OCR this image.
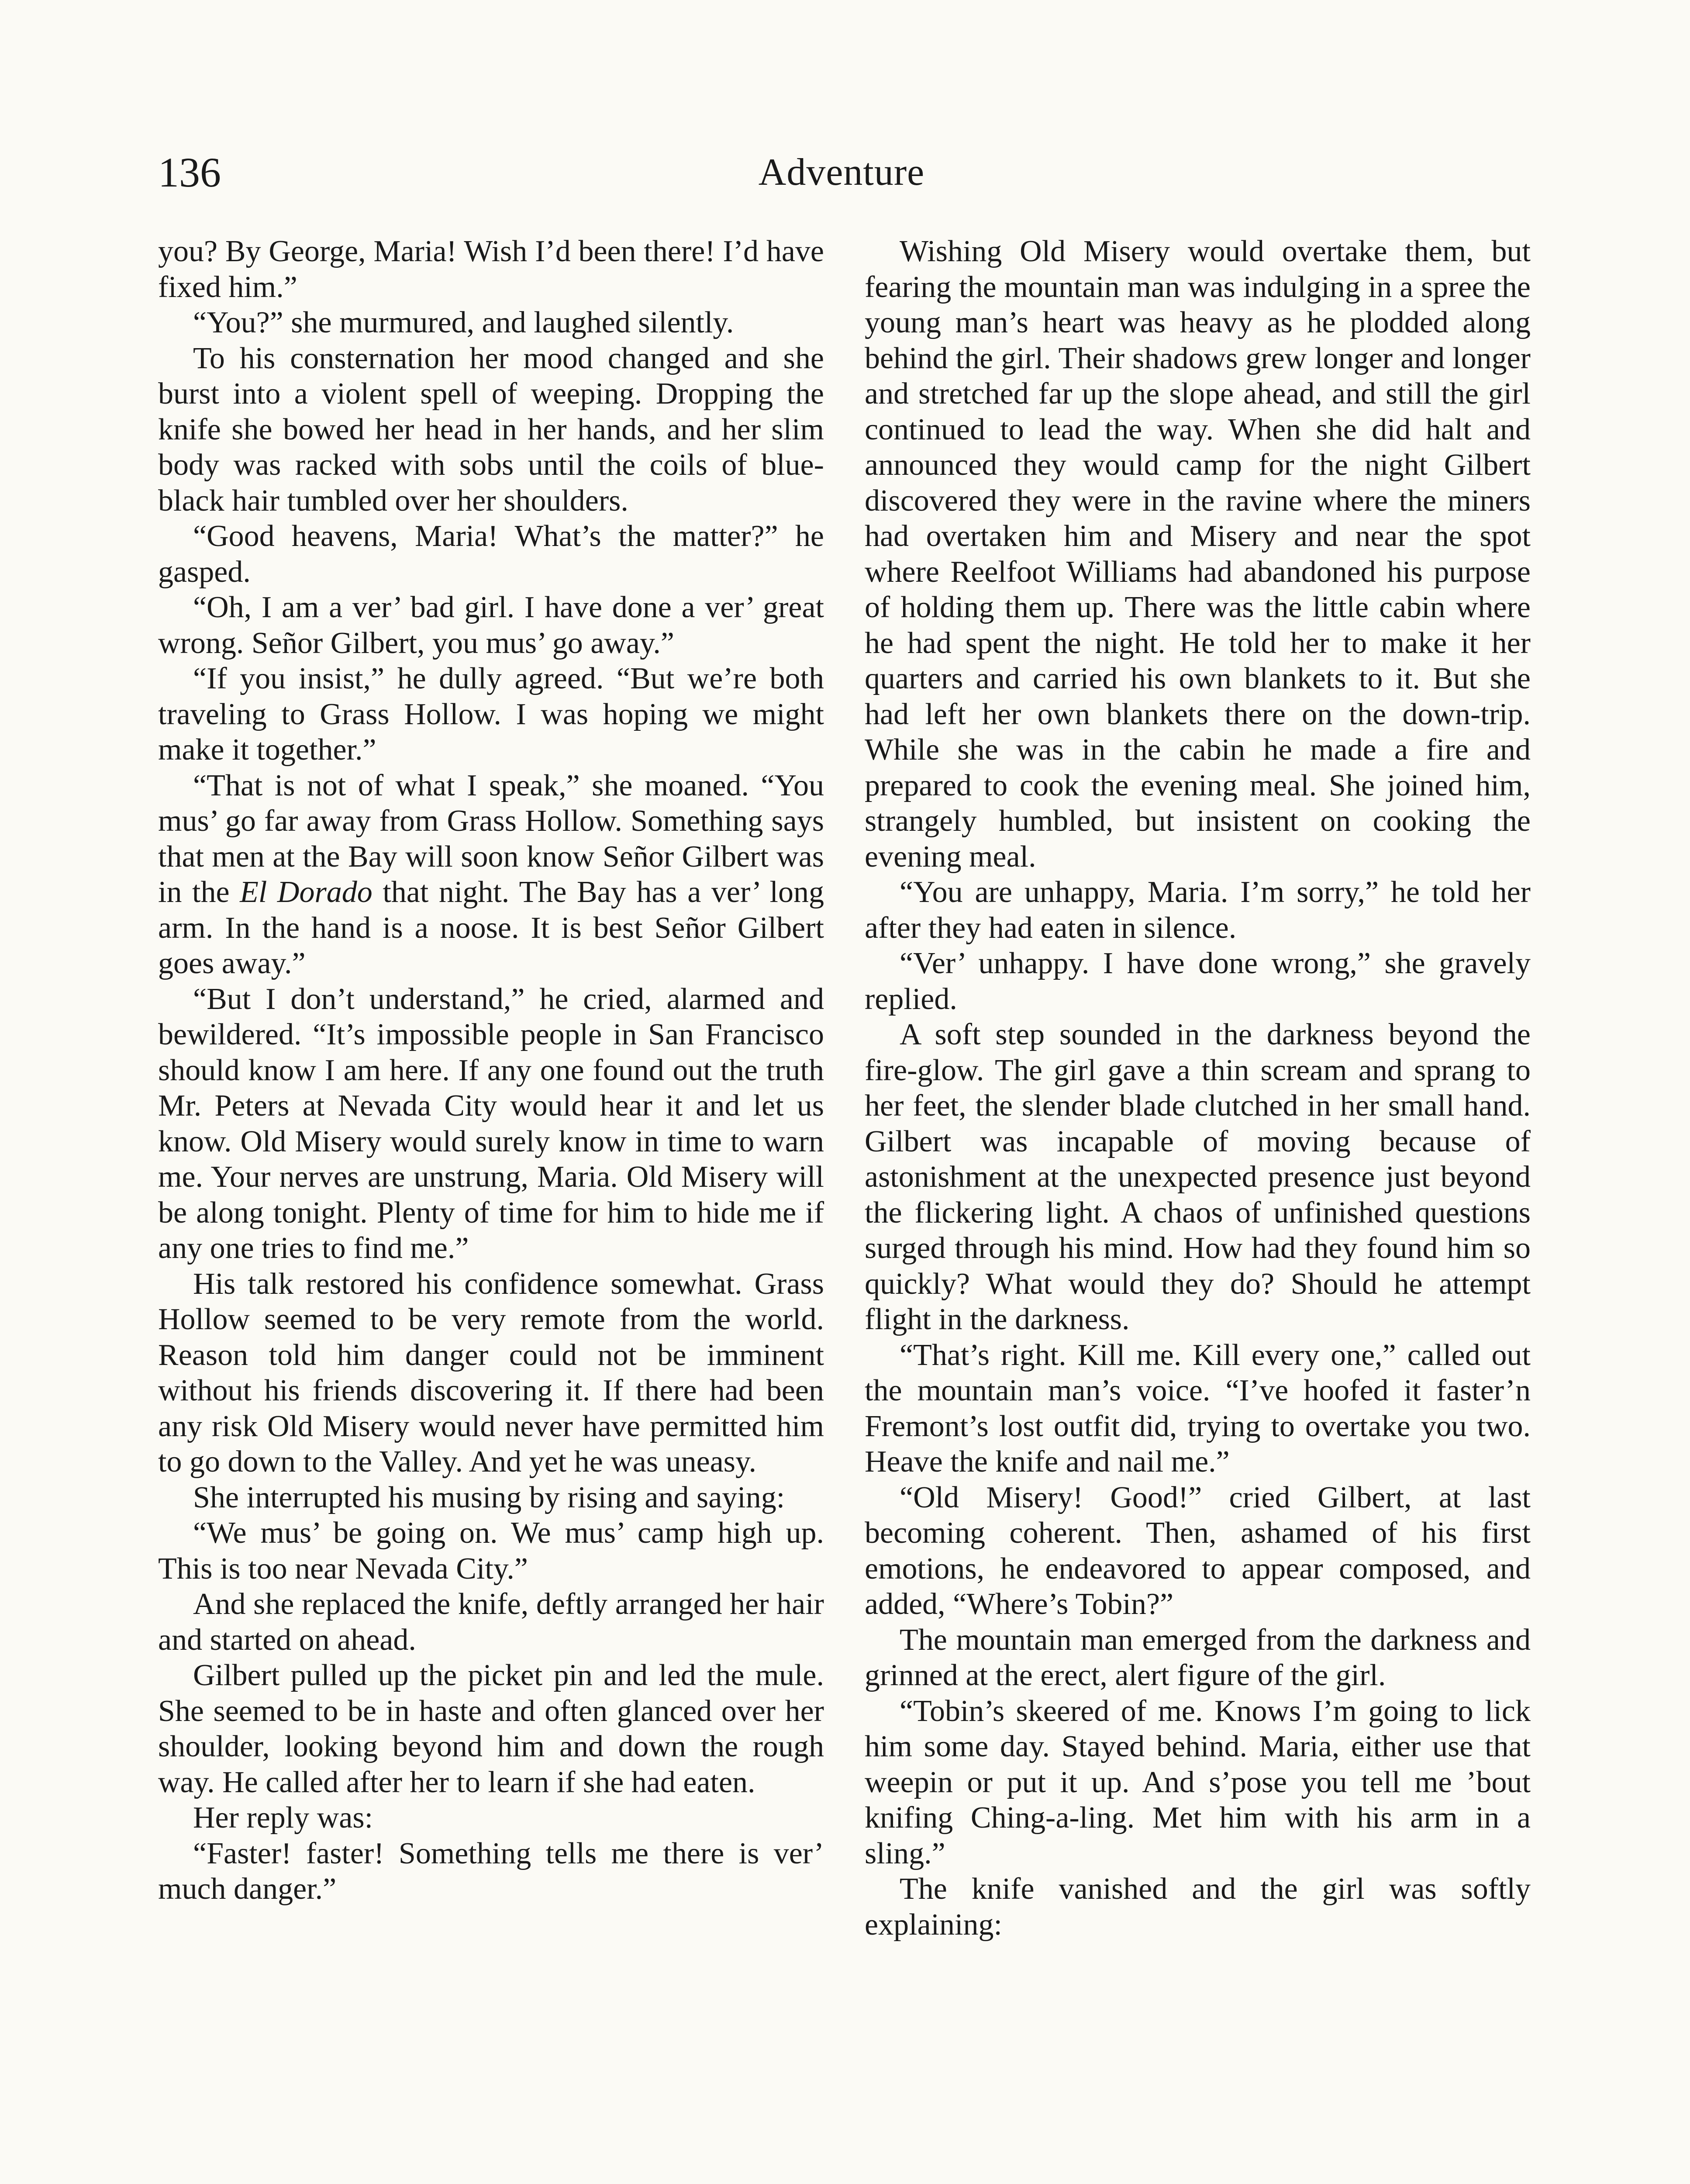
136	Adventure

you? By George, Maria! Wish I’d been there! I’d have fixed him.”

“You?” she murmured, and laughed silently.

To his consternation her mood changed and she burst into a violent spell of weeping. Dropping the knife she bowed her head in her hands, and her slim body was racked with sobs until the coils of blue-black hair tumbled over her shoulders.

“Good heavens, Maria! What’s the matter?” he gasped.

“Oh, I am a ver’ bad girl. I have done a ver’ great wrong. Señor Gilbert, you mus’ go away.”

“If you insist,” he dully agreed. “But we’re both traveling to Grass Hollow. I was hoping we might make it together.”

“That is not of what I speak,” she moaned. “You mus’ go far away from Grass Hollow. Something says that men at the Bay will soon know Señor Gilbert was in the El Dorado that night. The Bay has a ver’ long arm. In the hand is a noose. It is best Señor Gilbert goes away.”

“But I don’t understand,” he cried, alarmed and bewildered. “It’s impossible people in San Francisco should know I am here. If any one found out the truth Mr. Peters at Nevada City would hear it and let us know. Old Misery would surely know in time to warn me. Your nerves are unstrung, Maria. Old Misery will be along tonight. Plenty of time for him to hide me if any one tries to find me.”

His talk restored his confidence somewhat. Grass Hollow seemed to be very remote from the world. Reason told him danger could not be imminent without his friends discovering it. If there had been any risk Old Misery would never have permitted him to go down to the Valley. And yet he was uneasy.

She interrupted his musing by rising and saying:

“We mus’ be going on. We mus’ camp high up. This is too near Nevada City.”

And she replaced the knife, deftly arranged her hair and started on ahead.

Gilbert pulled up the picket pin and led the mule. She seemed to be in haste and often glanced over her shoulder, looking beyond him and down the rough way. He called after her to learn if she had eaten.

Her reply was:

“Faster! faster! Something tells me there is ver’ much danger.”

Wishing Old Misery would overtake them, but fearing the mountain man was indulging in a spree the young man’s heart was heavy as he plodded along behind the girl. Their shadows grew longer and longer and stretched far up the slope ahead, and still the girl continued to lead the way. When she did halt and announced they would camp for the night Gilbert discovered they were in the ravine where the miners had overtaken him and Misery and near the spot where Reelfoot Williams had abandoned his purpose of holding them up. There was the little cabin where he had spent the night. He told her to make it her quarters and carried his own blankets to it. But she had left her own blankets there on the down-trip. While she was in the cabin he made a fire and prepared to cook the evening meal. She joined him, strangely humbled, but insistent on cooking the evening meal.

“You are unhappy, Maria. I’m sorry,” he told her after they had eaten in silence.

“Ver’ unhappy. I have done wrong,” she gravely replied.

A soft step sounded in the darkness beyond the fire-glow. The girl gave a thin scream and sprang to her feet, the slender blade clutched in her small hand. Gilbert was incapable of moving because of astonishment at the unexpected presence just beyond the flickering light. A chaos of unfinished questions surged through his mind. How had they found him so quickly? What would they do? Should he attempt flight in the darkness.

“That’s right. Kill me. Kill every one,” called out the mountain man’s voice. “I’ve hoofed it faster’n Fremont’s lost outfit did, trying to overtake you two. Heave the knife and nail me.”

“Old Misery! Good!” cried Gilbert, at last becoming coherent. Then, ashamed of his first emotions, he endeavored to appear composed, and added, “Where’s Tobin?”

The mountain man emerged from the darkness and grinned at the erect, alert figure of the girl.

“Tobin’s skeered of me. Knows I’m going to lick him some day. Stayed behind. Maria, either use that weepin or put it up. And s’pose you tell me ’bout knifing Ching-a-ling. Met him with his arm in a sling.”

The knife vanished and the girl was softly explaining:
